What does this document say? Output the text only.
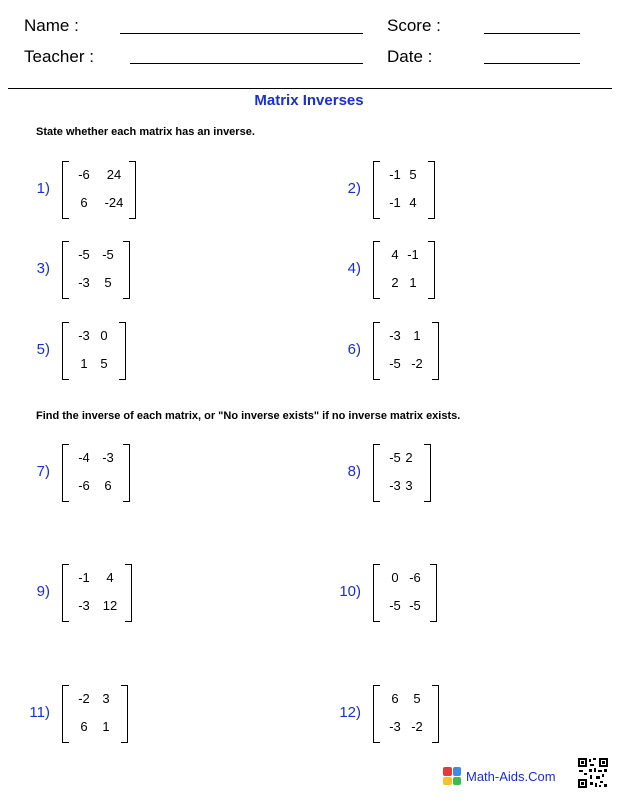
Name :	Score :
Teacher :	Date :
Matrix Inverses
State whether each matrix has an inverse.
Find the inverse of each matrix, or "No inverse exists" if no inverse matrix exists.
1)
-6	24
6	-24
2)
-1 5
-1 4
3)
-5 -5
-3	5
4)
4 -1
2 1
5)
-3 0
1 5
6)
-3 1
-5 -2
7)
-4 -3
-6	6
8)
-5 2
-3 3
9)
-1	4
-3 12
10)
0 -6
-5 -5
11)
-2 3
6	1
12)
6	5
-3 -2
Math-Aids.Com
